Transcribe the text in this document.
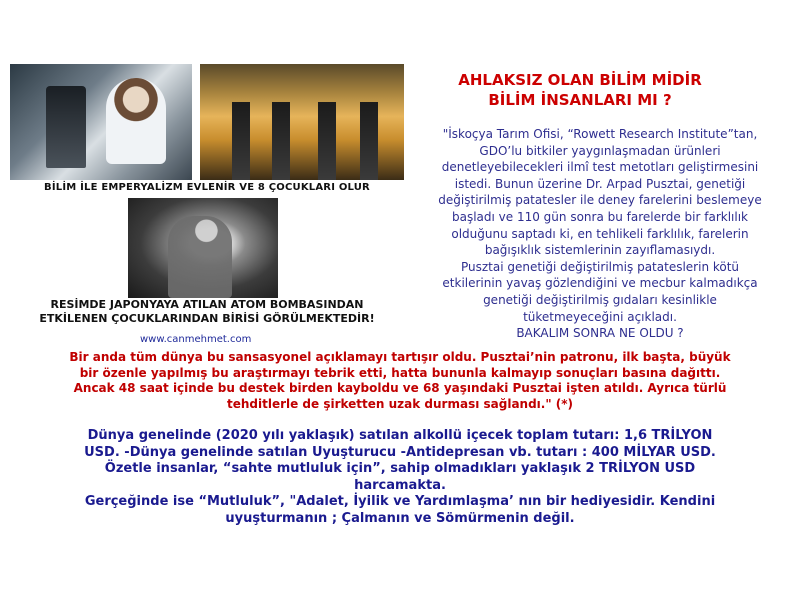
BİLİM İLE EMPERYALİZM EVLENİR VE 8 ÇOCUKLARI OLUR
RESİMDE JAPONYAYA ATILAN ATOM BOMBASINDAN
ETKİLENEN ÇOCUKLARINDAN BİRİSİ GÖRÜLMEKTEDİR!
www.canmehmet.com
AHLAKSIZ OLAN BİLİM MİDİR
BİLİM İNSANLARI MI ?
"İskoçya Tarım Ofisi, “Rowett Research Institute”tan,
GDO’lu bitkiler yaygınlaşmadan ürünleri
denetleyebilecekleri ilmî test metotları geliştirmesini
istedi. Bunun üzerine Dr. Arpad Pusztai, genetiği
değiştirilmiş patatesler ile deney farelerini beslemeye
başladı ve 110 gün sonra bu farelerde bir farklılık
olduğunu saptadı ki, en tehlikeli farklılık, farelerin
bağışıklık sistemlerinin zayıflamasıydı.
Pusztai genetiği değiştirilmiş patateslerin kötü
etkilerinin yavaş gözlendiğini ve mecbur kalmadıkça
genetiği değiştirilmiş gıdaları kesinlikle
tüketmeyeceğini açıkladı.
BAKALIM SONRA NE OLDU ?
Bir anda tüm dünya bu sansasyonel açıklamayı tartışır oldu. Pusztai’nin patronu, ilk başta, büyük
bir özenle yapılmış bu araştırmayı tebrik etti, hatta bununla kalmayıp sonuçları basına dağıttı.
Ancak 48 saat içinde bu destek birden kayboldu ve 68 yaşındaki Pusztai işten atıldı. Ayrıca türlü
tehditlerle de şirketten uzak durması sağlandı." (*)
Dünya genelinde (2020 yılı yaklaşık) satılan alkollü içecek toplam tutarı: 1,6 TRİLYON
USD. -Dünya genelinde satılan Uyuşturucu -Antidepresan vb. tutarı : 400 MİLYAR USD.
Özetle insanlar, “sahte mutluluk için”, sahip olmadıkları yaklaşık 2 TRİLYON USD
harcamakta.
Gerçeğinde ise “Mutluluk”, "Adalet, İyilik ve Yardımlaşma’ nın bir hediyesidir. Kendini
uyuşturmanın ; Çalmanın ve Sömürmenin değil.
